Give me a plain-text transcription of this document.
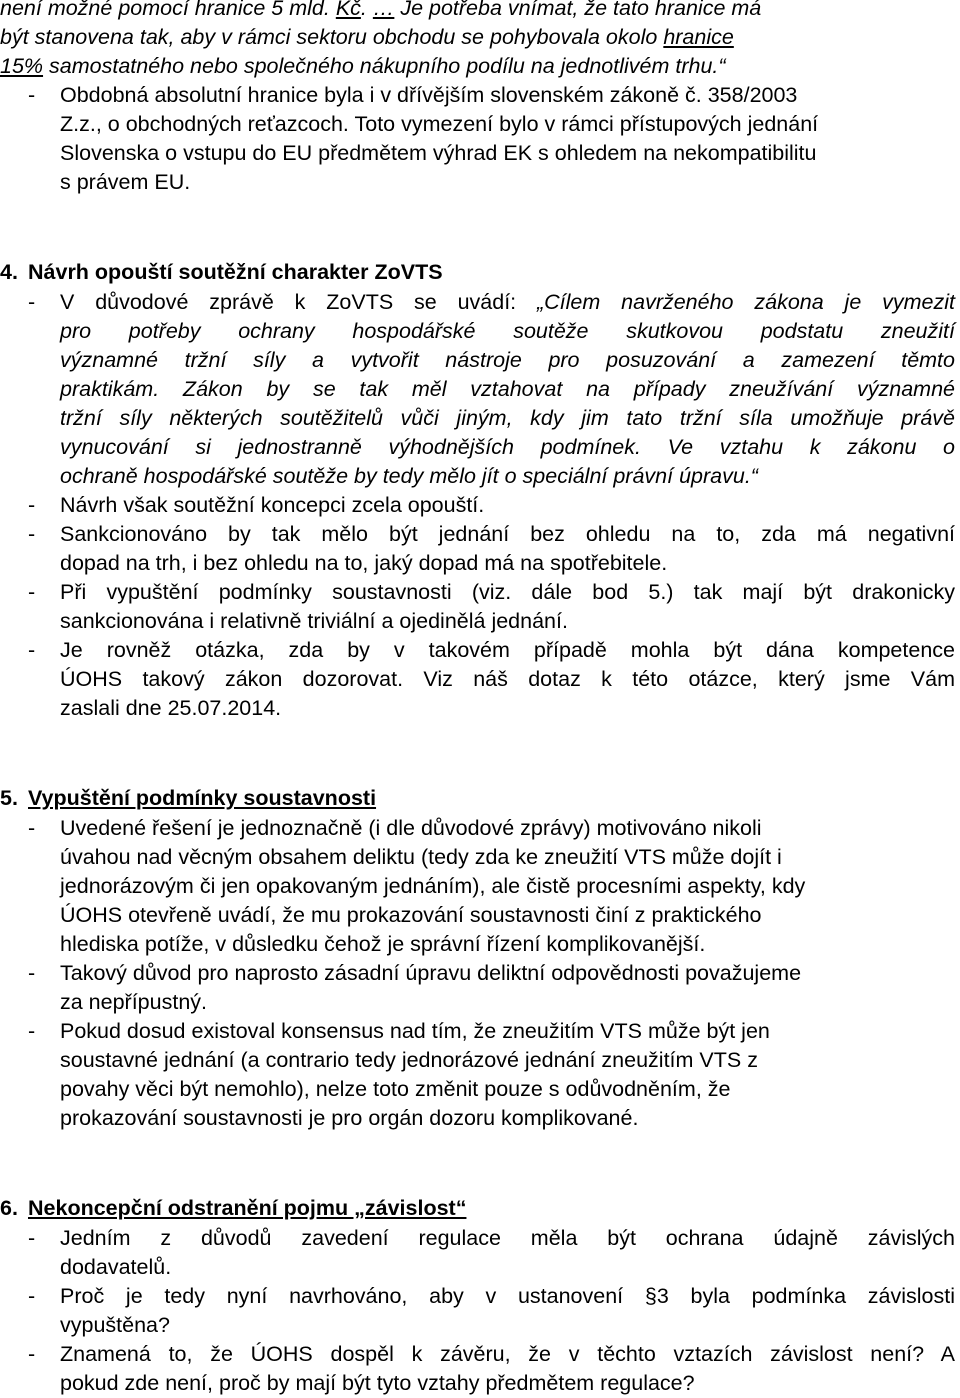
není možné pomocí hranice 5 mld. Kč. … Je potřeba vnímat, že tato hranice má
být stanovena tak, aby v rámci sektoru obchodu se pohybovala okolo hranice
15% samostatného nebo společného nákupního podílu na jednotlivém trhu.“
- Obdobná absolutní hranice byla i v dřívějším slovenském zákoně č. 358/2003
Z.z., o obchodných reťazcoch. Toto vymezení bylo v rámci přístupových jednání
Slovenska o vstupu do EU předmětem výhrad EK s ohledem na nekompatibilitu
s právem EU.
4. Návrh opouští soutěžní charakter ZoVTS
- V důvodové zprávě k ZoVTS se uvádí: „Cílem navrženého zákona je vymezit
pro potřeby ochrany hospodářské soutěže skutkovou podstatu zneužití
významné tržní síly a vytvořit nástroje pro posuzování a zamezení těmto
praktikám. Zákon by se tak měl vztahovat na případy zneužívání významné
tržní síly některých soutěžitelů vůči jiným, kdy jim tato tržní síla umožňuje právě
vynucování si jednostranně výhodnějších podmínek. Ve vztahu k zákonu o
ochraně hospodářské soutěže by tedy mělo jít o speciální právní úpravu.“
- Návrh však soutěžní koncepci zcela opouští.
- Sankcionováno by tak mělo být jednání bez ohledu na to, zda má negativní
dopad na trh, i bez ohledu na to, jaký dopad má na spotřebitele.
- Při vypuštění podmínky soustavnosti (viz. dále bod 5.) tak mají být drakonicky
sankcionována i relativně triviální a ojedinělá jednání.
- Je rovněž otázka, zda by v takovém případě mohla být dána kompetence
ÚOHS takový zákon dozorovat. Viz náš dotaz k této otázce, který jsme Vám
zaslali dne 25.07.2014.
5. Vypuštění podmínky soustavnosti
- Uvedené řešení je jednoznačně (i dle důvodové zprávy) motivováno nikoli
úvahou nad věcným obsahem deliktu (tedy zda ke zneužití VTS může dojít i
jednorázovým či jen opakovaným jednáním), ale čistě procesními aspekty, kdy
ÚOHS otevřeně uvádí, že mu prokazování soustavnosti činí z praktického
hlediska potíže, v důsledku čehož je správní řízení komplikovanější.
- Takový důvod pro naprosto zásadní úpravu deliktní odpovědnosti považujeme
za nepřípustný.
- Pokud dosud existoval konsensus nad tím, že zneužitím VTS může být jen
soustavné jednání (a contrario tedy jednorázové jednání zneužitím VTS z
povahy věci být nemohlo), nelze toto změnit pouze s odůvodněním, že
prokazování soustavnosti je pro orgán dozoru komplikované.
6. Nekoncepční odstranění pojmu „závislost“
- Jedním z důvodů zavedení regulace měla být ochrana údajně závislých
dodavatelů.
- Proč je tedy nyní navrhováno, aby v ustanovení §3 byla podmínka závislosti
vypuštěna?
- Znamená to, že ÚOHS dospěl k závěru, že v těchto vztazích závislost není? A
pokud zde není, proč by mají být tyto vztahy předmětem regulace?
